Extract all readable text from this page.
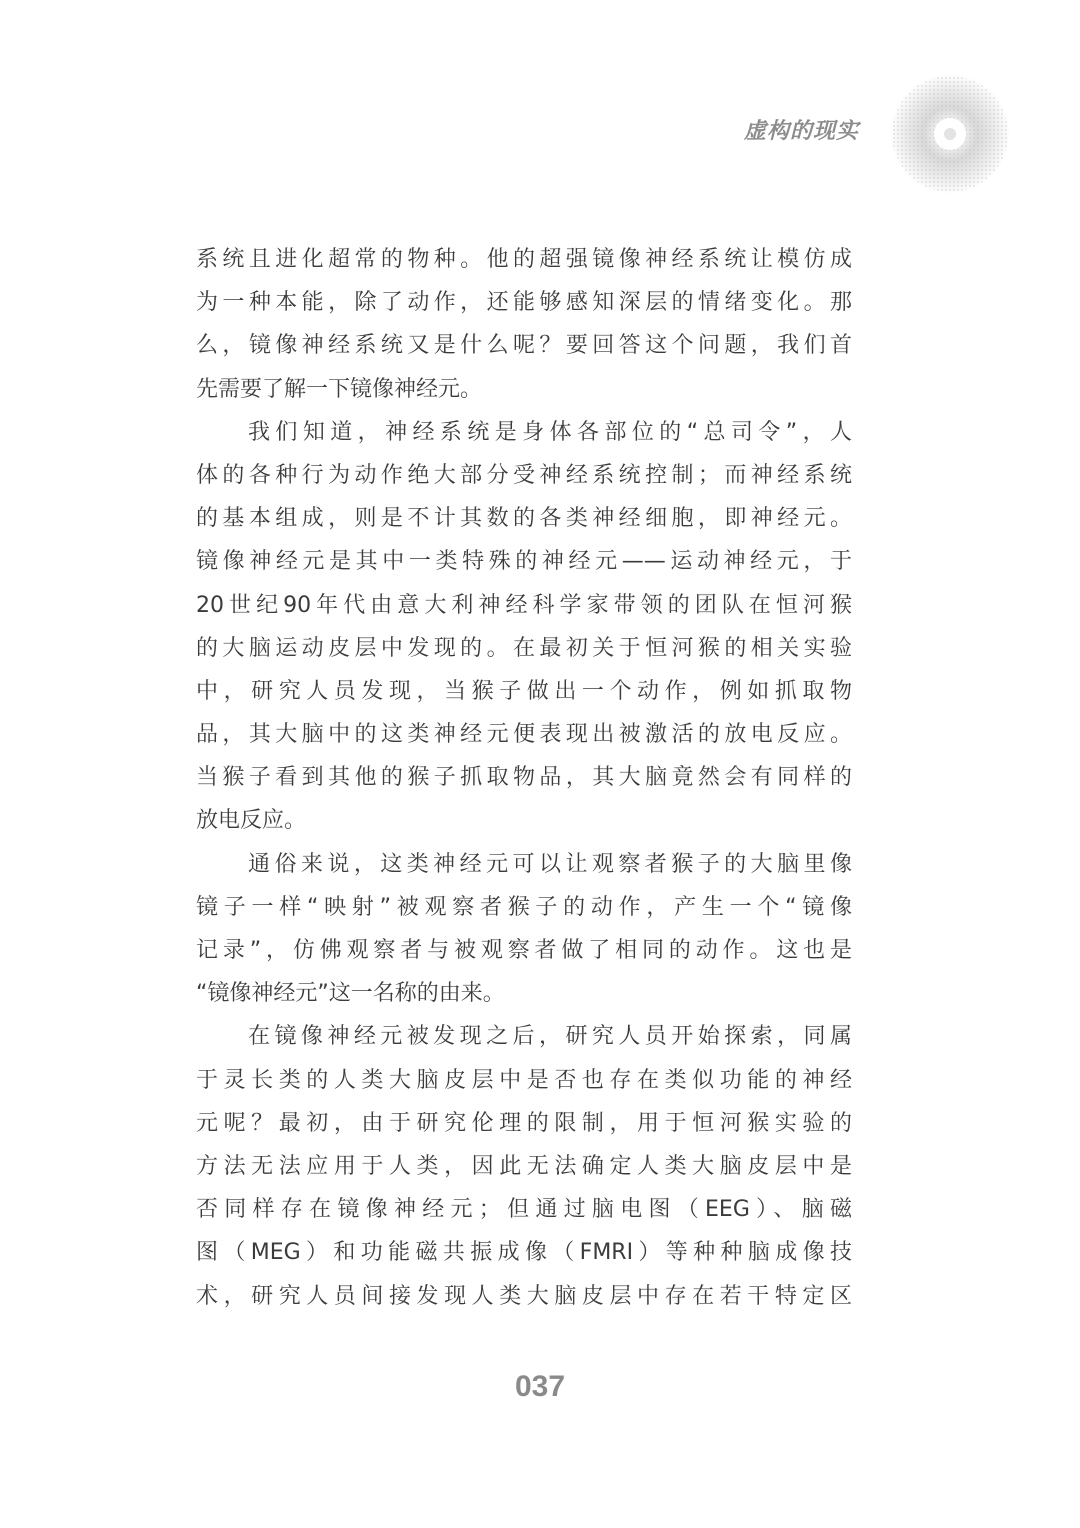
虚构的现实
系统且进化超常的物种。他的超强镜像神经系统让模仿成
为一种本能，除了动作，还能够感知深层的情绪变化。那
么，镜像神经系统又是什么呢？要回答这个问题，我们首
先需要了解一下镜像神经元。
我们知道，神经系统是身体各部位的“总司令”，人
体的各种行为动作绝大部分受神经系统控制；而神经系统
的基本组成，则是不计其数的各类神经细胞，即神经元。
镜像神经元是其中一类特殊的神经元——运动神经元，于
20世纪90年代由意大利神经科学家带领的团队在恒河猴
的大脑运动皮层中发现的。在最初关于恒河猴的相关实验
中，研究人员发现，当猴子做出一个动作，例如抓取物
品，其大脑中的这类神经元便表现出被激活的放电反应。
当猴子看到其他的猴子抓取物品，其大脑竟然会有同样的
放电反应。
通俗来说，这类神经元可以让观察者猴子的大脑里像
镜子一样“映射”被观察者猴子的动作，产生一个“镜像
记录”，仿佛观察者与被观察者做了相同的动作。这也是
“镜像神经元”这一名称的由来。
在镜像神经元被发现之后，研究人员开始探索，同属
于灵长类的人类大脑皮层中是否也存在类似功能的神经
元呢？最初，由于研究伦理的限制，用于恒河猴实验的
方法无法应用于人类，因此无法确定人类大脑皮层中是
否同样存在镜像神经元；但通过脑电图（EEG）、脑磁
图（MEG）和功能磁共振成像（FMRI）等种种脑成像技
术，研究人员间接发现人类大脑皮层中存在若干特定区
037
